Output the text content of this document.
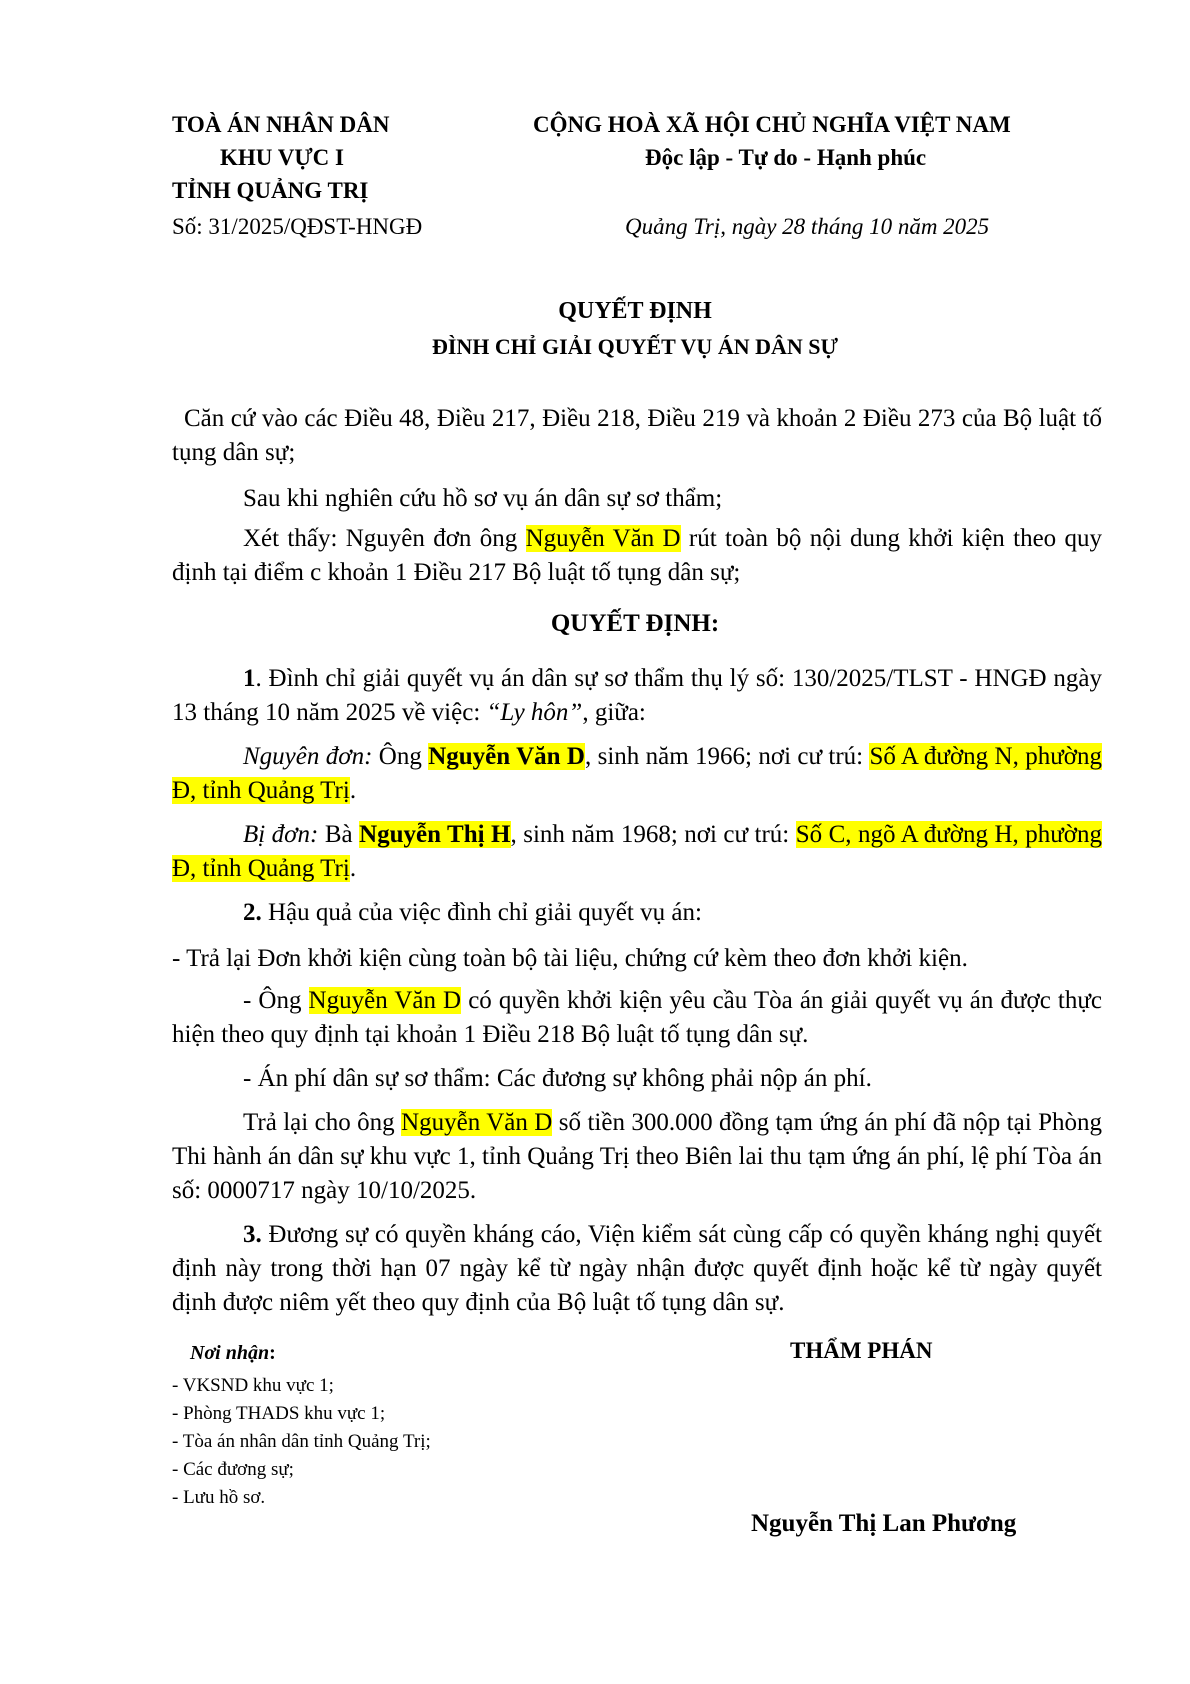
TOÀ ÁN NHÂN DÂN
KHU VỰC I
TỈNH QUẢNG TRỊ
Số: 31/2025/QĐST-HNGĐ
CỘNG HOÀ XÃ HỘI CHỦ NGHĨA VIỆT NAM
Độc lập - Tự do - Hạnh phúc
Quảng Trị, ngày 28 tháng 10 năm 2025
QUYẾT ĐỊNH
ĐÌNH CHỈ GIẢI QUYẾT VỤ ÁN DÂN SỰ
Căn cứ vào các Điều 48, Điều 217, Điều 218, Điều 219 và khoản 2 Điều 273 của Bộ luật tố tụng dân sự;
Sau khi nghiên cứu hồ sơ vụ án dân sự sơ thẩm;
Xét thấy: Nguyên đơn ông Nguyễn Văn D rút toàn bộ nội dung khởi kiện theo quy định tại điểm c khoản 1 Điều 217 Bộ luật tố tụng dân sự;
QUYẾT ĐỊNH:
1. Đình chỉ giải quyết vụ án dân sự sơ thẩm thụ lý số: 130/2025/TLST - HNGĐ ngày 13 tháng 10 năm 2025 về việc: “Ly hôn”, giữa:
Nguyên đơn: Ông Nguyễn Văn D, sinh năm 1966; nơi cư trú: Số A đường N, phường Đ, tỉnh Quảng Trị.
Bị đơn: Bà Nguyễn Thị H, sinh năm 1968; nơi cư trú: Số C, ngõ A đường H, phường Đ, tỉnh Quảng Trị.
2. Hậu quả của việc đình chỉ giải quyết vụ án:
- Trả lại Đơn khởi kiện cùng toàn bộ tài liệu, chứng cứ kèm theo đơn khởi kiện.
- Ông Nguyễn Văn D có quyền khởi kiện yêu cầu Tòa án giải quyết vụ án được thực hiện theo quy định tại khoản 1 Điều 218 Bộ luật tố tụng dân sự.
- Án phí dân sự sơ thẩm: Các đương sự không phải nộp án phí.
Trả lại cho ông Nguyễn Văn D số tiền 300.000 đồng tạm ứng án phí đã nộp tại Phòng Thi hành án dân sự khu vực 1, tỉnh Quảng Trị theo Biên lai thu tạm ứng án phí, lệ phí Tòa án số: 0000717 ngày 10/10/2025.
3. Đương sự có quyền kháng cáo, Viện kiểm sát cùng cấp có quyền kháng nghị quyết định này trong thời hạn 07 ngày kể từ ngày nhận được quyết định hoặc kể từ ngày quyết định được niêm yết theo quy định của Bộ luật tố tụng dân sự.
Nơi nhận:
- VKSND khu vực 1;
- Phòng THADS khu vực 1;
- Tòa án nhân dân tỉnh Quảng Trị;
- Các đương sự;
- Lưu hồ sơ.
THẨM PHÁN
Nguyễn Thị Lan Phương
